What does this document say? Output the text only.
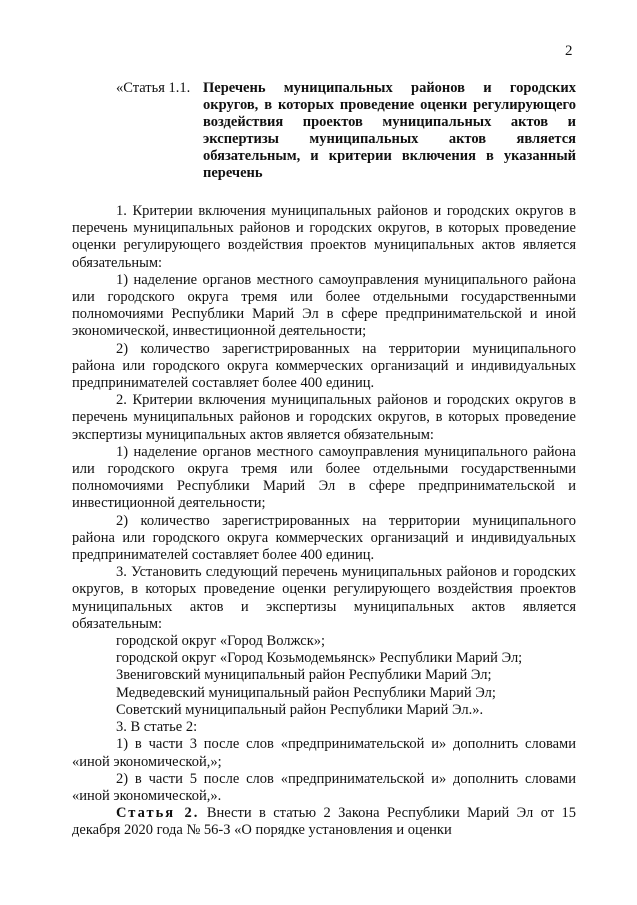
2
«Статья 1.1. Перечень муниципальных районов и городских округов, в которых проведение оценки регулирующего воздействия проектов муниципальных актов и экспертизы муниципальных актов является обязательным, и критерии включения в указанный перечень

1. Критерии включения муниципальных районов и городских округов в перечень муниципальных районов и городских округов, в которых проведение оценки регулирующего воздействия проектов муниципальных актов является обязательным:

1) наделение органов местного самоуправления муниципального района или городского округа тремя или более отдельными государственными полномочиями Республики Марий Эл в сфере предпринимательской и иной экономической, инвестиционной деятельности;

2) количество зарегистрированных на территории муниципального района или городского округа коммерческих организаций и индивидуальных предпринимателей составляет более 400 единиц.

2. Критерии включения муниципальных районов и городских округов в перечень муниципальных районов и городских округов, в которых проведение экспертизы муниципальных актов является обязательным:

1) наделение органов местного самоуправления муниципального района или городского округа тремя или более отдельными государственными полномочиями Республики Марий Эл в сфере предпринимательской и инвестиционной деятельности;

2) количество зарегистрированных на территории муниципального района или городского округа коммерческих организаций и индивидуальных предпринимателей составляет более 400 единиц.

3. Установить следующий перечень муниципальных районов и городских округов, в которых проведение оценки регулирующего воздействия проектов муниципальных актов и экспертизы муниципальных актов является обязательным:

городской округ «Город Волжск»;

городской округ «Город Козьмодемьянск» Республики Марий Эл;

Звениговский муниципальный район Республики Марий Эл;

Медведевский муниципальный район Республики Марий Эл;

Советский муниципальный район Республики Марий Эл.».

3. В статье 2:

1) в части 3 после слов «предпринимательской и» дополнить словами «иной экономической,»;

2) в части 5 после слов «предпринимательской и» дополнить словами «иной экономической,».

Статья 2. Внести в статью 2 Закона Республики Марий Эл от 15 декабря 2020 года № 56-З «О порядке установления и оценки
